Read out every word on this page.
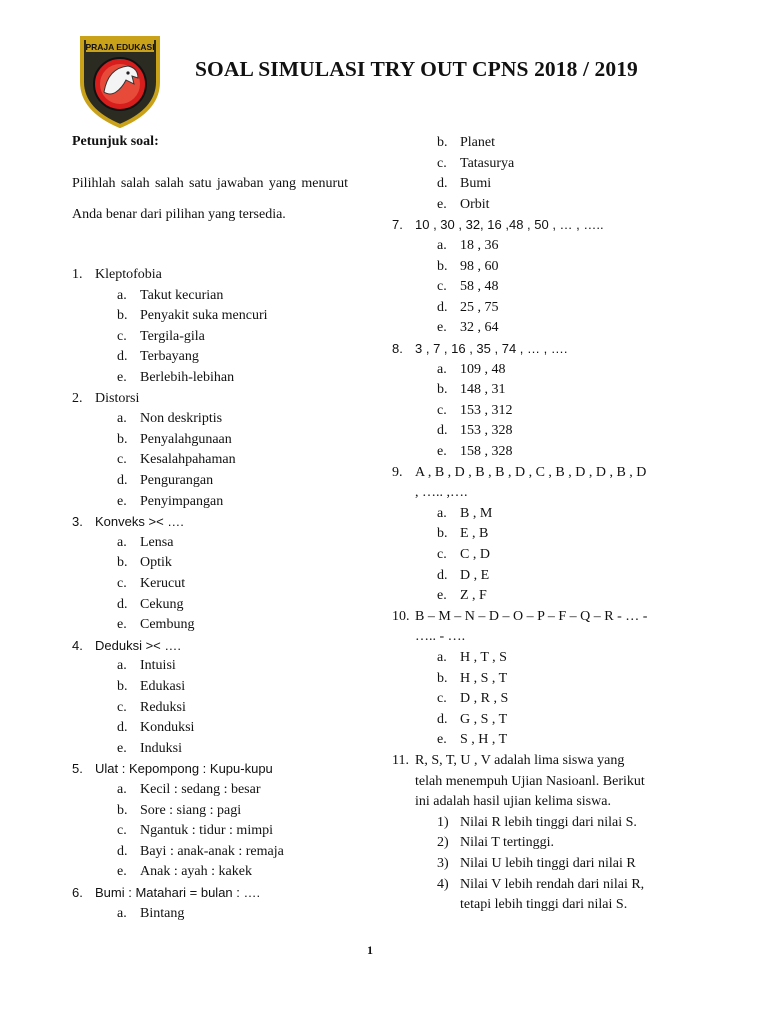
PRAJA EDUKASI
SOAL SIMULASI TRY OUT CPNS 2018 / 2019
Petunjuk soal:
Pilihlah salah salah satu jawaban yang menurut Anda benar dari pilihan yang tersedia.
1. Kleptofobia
a. Takut kecurian
b. Penyakit suka mencuri
c. Tergila-gila
d. Terbayang
e. Berlebih-lebihan
2. Distorsi
a. Non deskriptis
b. Penyalahgunaan
c. Kesalahpahaman
d. Pengurangan
e. Penyimpangan
3. Konveks >< ….
a. Lensa
b. Optik
c. Kerucut
d. Cekung
e. Cembung
4. Deduksi >< ….
a. Intuisi
b. Edukasi
c. Reduksi
d. Konduksi
e. Induksi
5. Ulat : Kepompong : Kupu-kupu
a. Kecil : sedang : besar
b. Sore : siang : pagi
c. Ngantuk : tidur : mimpi
d. Bayi : anak-anak : remaja
e. Anak : ayah : kakek
6. Bumi : Matahari = bulan : ….
a. Bintang
b. Planet
c. Tatasurya
d. Bumi
e. Orbit
7. 10 , 30 , 32, 16 ,48 , 50 , … , …..
a. 18 , 36
b. 98 , 60
c. 58 , 48
d. 25 , 75
e. 32 , 64
8. 3 , 7 , 16 , 35 , 74 , … , ….
a. 109 , 48
b. 148 , 31
c. 153 , 312
d. 153 , 328
e. 158 , 328
9. A , B , D , B , B , D , C , B , D , D , B , D
, ….. ,….
a. B , M
b. E , B
c. C , D
d. D , E
e. Z , F
10. B – M – N – D – O – P – F – Q – R - … -
….. - ….
a. H , T , S
b. H , S , T
c. D , R , S
d. G , S , T
e. S , H , T
11. R, S, T, U , V adalah lima siswa yang
telah menempuh Ujian Nasioanl. Berikut
ini adalah hasil ujian kelima siswa.
1) Nilai R lebih tinggi dari nilai S.
2) Nilai T tertinggi.
3) Nilai U lebih tinggi dari nilai R
4) Nilai V lebih rendah dari nilai R,
tetapi lebih tinggi dari nilai S.
1
